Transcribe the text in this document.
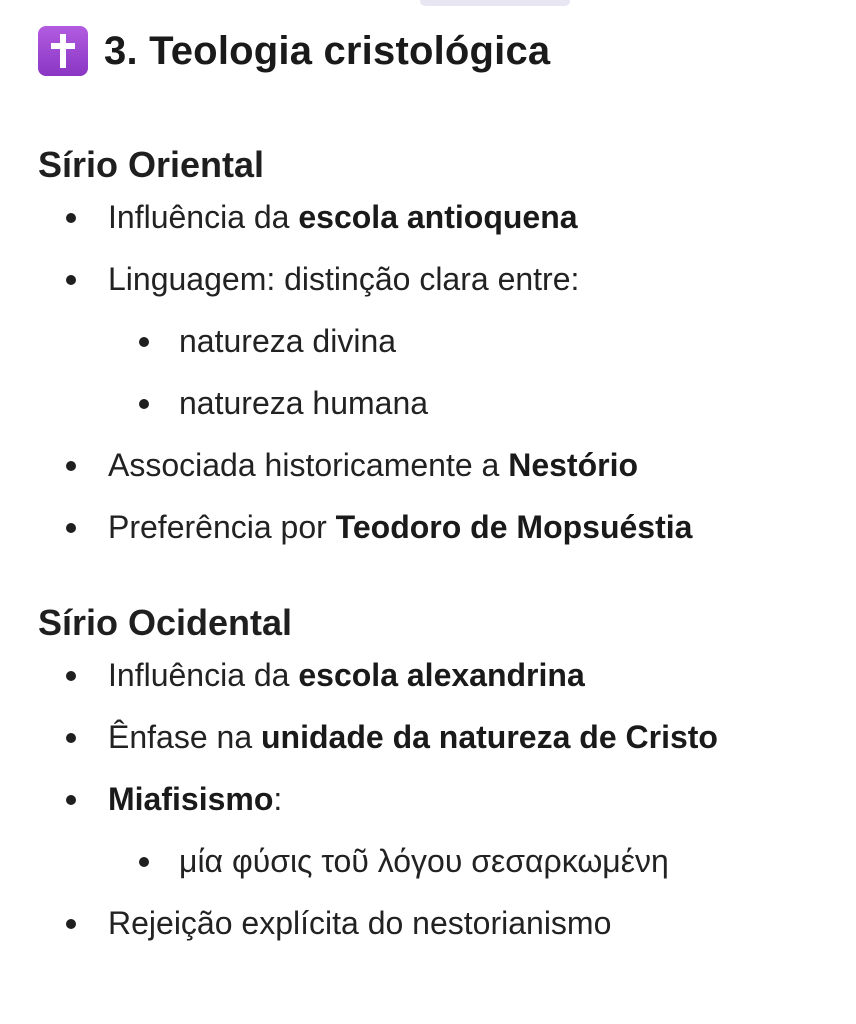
3. Teologia cristológica
Sírio Oriental
Influência da escola antioquena
Linguagem: distinção clara entre:
natureza divina
natureza humana
Associada historicamente a Nestório
Preferência por Teodoro de Mopsuéstia
Sírio Ocidental
Influência da escola alexandrina
Ênfase na unidade da natureza de Cristo
Miafisismo:
μία φύσις τοῦ λόγου σεσαρκωμένη
Rejeição explícita do nestorianismo
